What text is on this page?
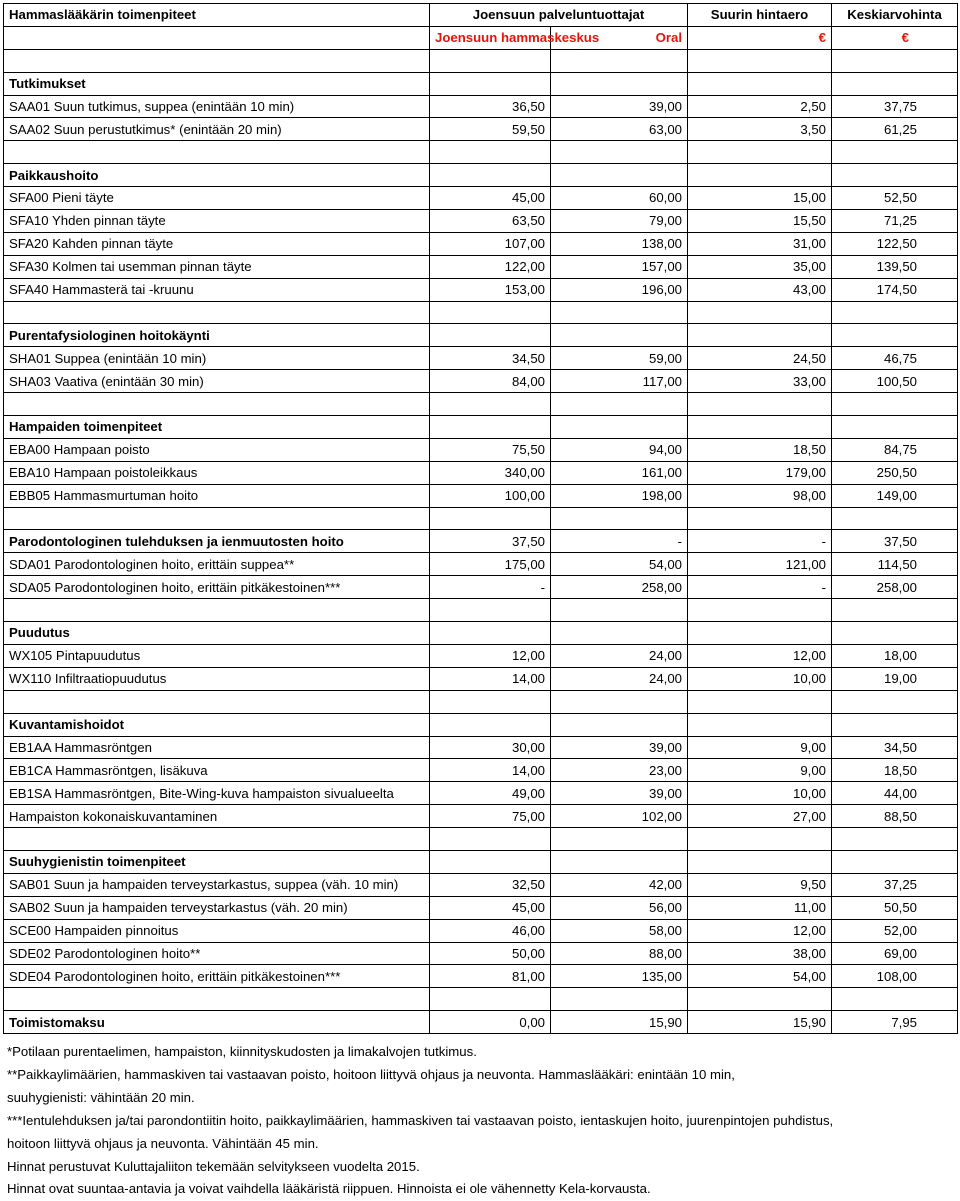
Hammaslääkärin toimenpiteet	Joensuun palveluntuottajat		Suurin hintaero	Keskiarvohinta
	Joensuun hammaskeskus	Oral	€	€

Tutkimukset				
SAA01 Suun tutkimus, suppea (enintään 10 min)	36,50	39,00	2,50	37,75
SAA02 Suun perustutkimus* (enintään 20 min)	59,50	63,00	3,50	61,25

Paikkaushoito				
SFA00 Pieni täyte	45,00	60,00	15,00	52,50
SFA10 Yhden pinnan täyte	63,50	79,00	15,50	71,25
SFA20 Kahden pinnan täyte	107,00	138,00	31,00	122,50
SFA30 Kolmen tai usemman pinnan täyte	122,00	157,00	35,00	139,50
SFA40 Hammasterä tai -kruunu	153,00	196,00	43,00	174,50

Purentafysiologinen hoitokäynti				
SHA01 Suppea (enintään 10 min)	34,50	59,00	24,50	46,75
SHA03 Vaativa (enintään 30 min)	84,00	117,00	33,00	100,50

Hampaiden toimenpiteet				
EBA00 Hampaan poisto	75,50	94,00	18,50	84,75
EBA10 Hampaan poistoleikkaus	340,00	161,00	179,00	250,50
EBB05 Hammasmurtuman hoito	100,00	198,00	98,00	149,00

Parodontologinen tulehduksen ja ienmuutosten hoito	37,50	-	-	37,50
SDA01 Parodontologinen hoito, erittäin suppea**	175,00	54,00	121,00	114,50
SDA05 Parodontologinen hoito, erittäin pitkäkestoinen***	-	258,00	-	258,00

Puudutus				
WX105 Pintapuudutus	12,00	24,00	12,00	18,00
WX110 Infiltraatiopuudutus	14,00	24,00	10,00	19,00

Kuvantamishoidot				
EB1AA Hammasröntgen	30,00	39,00	9,00	34,50
EB1CA Hammasröntgen, lisäkuva	14,00	23,00	9,00	18,50
EB1SA Hammasröntgen, Bite-Wing-kuva hampaiston sivualueelta	49,00	39,00	10,00	44,00
Hampaiston kokonaiskuvantaminen	75,00	102,00	27,00	88,50

Suuhygienistin toimenpiteet				
SAB01 Suun ja hampaiden terveystarkastus, suppea (väh. 10 min)	32,50	42,00	9,50	37,25
SAB02 Suun ja hampaiden terveystarkastus (väh. 20 min)	45,00	56,00	11,00	50,50
SCE00 Hampaiden pinnoitus	46,00	58,00	12,00	52,00
SDE02 Parodontologinen hoito**	50,00	88,00	38,00	69,00
SDE04 Parodontologinen hoito, erittäin pitkäkestoinen***	81,00	135,00	54,00	108,00

Toimistomaksu	0,00	15,90	15,90	7,95
*Potilaan purentaelimen, hampaiston, kiinnityskudosten ja limakalvojen tutkimus.
**Paikkaylimäärien, hammaskiven tai vastaavan poisto, hoitoon liittyvä ohjaus ja neuvonta. Hammaslääkäri: enintään 10 min,
suuhygienisti: vähintään 20 min.
***Ientulehduksen ja/tai parondontiitin hoito, paikkaylimäärien, hammaskiven tai vastaavan poisto, ientaskujen hoito, juurenpintojen puhdistus,
hoitoon liittyvä ohjaus ja neuvonta. Vähintään 45 min.
Hinnat perustuvat Kuluttajaliiton tekemään selvitykseen vuodelta 2015.
Hinnat ovat suuntaa-antavia ja voivat vaihdella lääkäristä riippuen. Hinnoista ei ole vähennetty Kela-korvausta.
